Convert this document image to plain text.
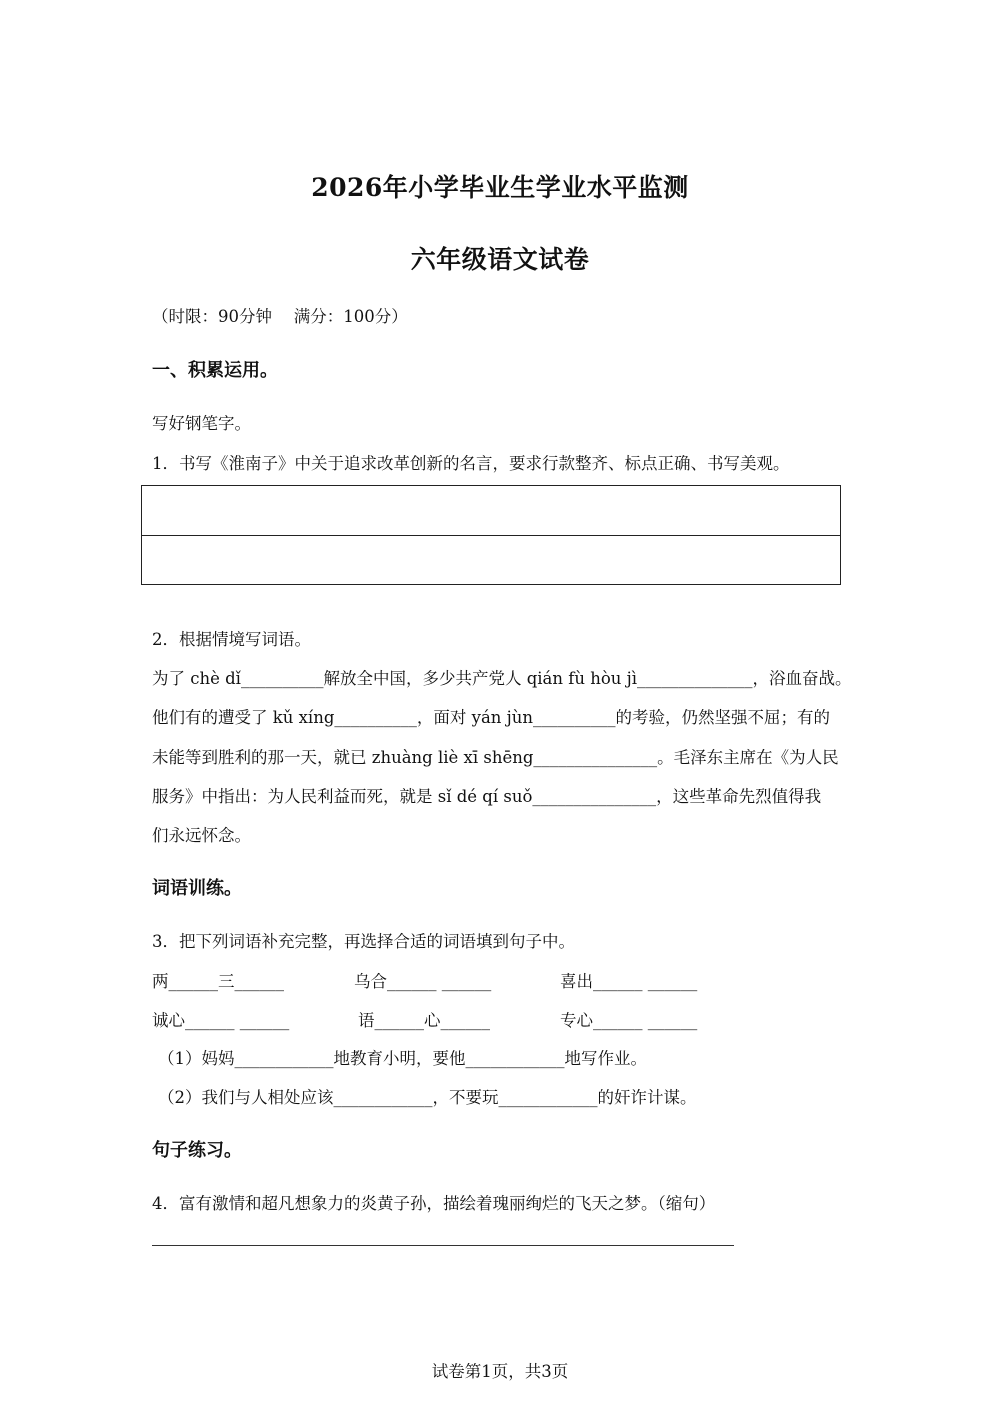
2026年小学毕业生学业水平监测
六年级语文试卷
（时限：90分钟　 满分：100分）
一、积累运用。
写好钢笔字。
1．书写《淮南子》中关于追求改革创新的名言，要求行款整齐、标点正确、书写美观。
2．根据情境写词语。
为了 chè dǐ__________解放全中国，多少共产党人 qián fù hòu jì______________，浴血奋战。
他们有的遭受了 kǔ xíng__________，面对 yán jùn__________的考验，仍然坚强不屈；有的
未能等到胜利的那一天，就已 zhuàng liè xī shēng_______________。毛泽东主席在《为人民
服务》中指出：为人民利益而死，就是 sǐ dé qí suǒ_______________，这些革命先烈值得我
们永远怀念。
词语训练。
3．把下列词语补充完整，再选择合适的词语填到句子中。
两______三______	乌合______ ______	喜出______ ______
诚心______ ______	语______心______	专心______ ______
（1）妈妈____________地教育小明，要他____________地写作业。
（2）我们与人相处应该____________，不要玩____________的奸诈计谋。
句子练习。
4．富有激情和超凡想象力的炎黄子孙，描绘着瑰丽绚烂的飞天之梦。（缩句）
试卷第1页，共3页
